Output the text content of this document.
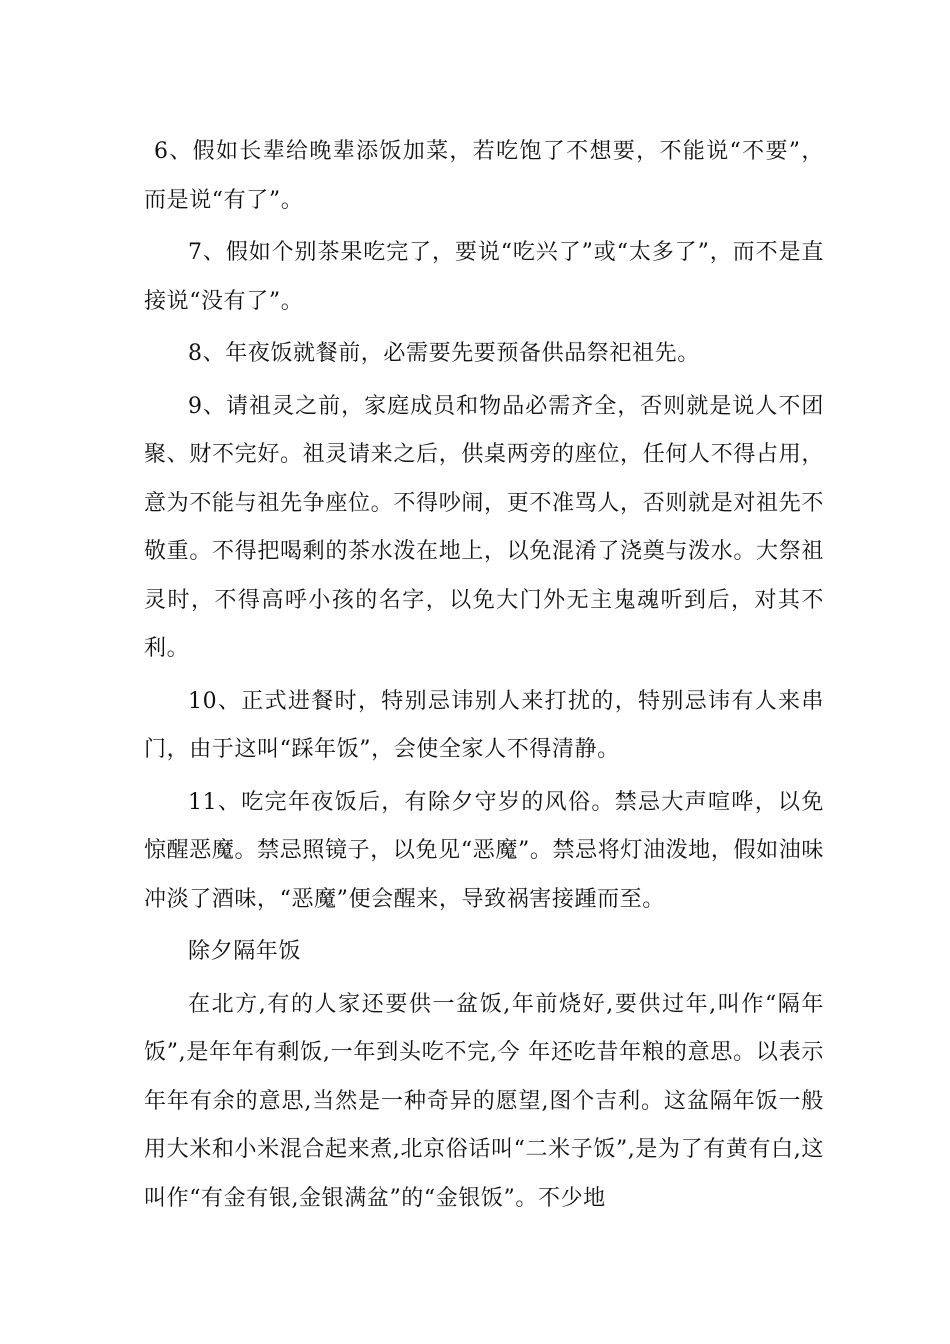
6、假如长辈给晚辈添饭加菜，若吃饱了不想要，不能说“不要”，而是说“有了”。

7、假如个别茶果吃完了，要说“吃兴了”或“太多了”，而不是直接说“没有了”。

8、年夜饭就餐前，必需要先要预备供品祭祀祖先。

9、请祖灵之前，家庭成员和物品必需齐全，否则就是说人不团聚、财不完好。祖灵请来之后，供桌两旁的座位，任何人不得占用，意为不能与祖先争座位。不得吵闹，更不准骂人，否则就是对祖先不敬重。不得把喝剩的茶水泼在地上，以免混淆了浇奠与泼水。大祭祖灵时，不得高呼小孩的名字，以免大门外无主鬼魂听到后，对其不利。

10、正式进餐时，特别忌讳别人来打扰的，特别忌讳有人来串门，由于这叫“踩年饭”，会使全家人不得清静。

11、吃完年夜饭后，有除夕守岁的风俗。禁忌大声喧哗，以免惊醒恶魔。禁忌照镜子，以免见“恶魔”。禁忌将灯油泼地，假如油味冲淡了酒味，“恶魔”便会醒来，导致祸害接踵而至。

除夕隔年饭

在北方,有的人家还要供一盆饭,年前烧好,要供过年,叫作“隔年饭”,是年年有剩饭,一年到头吃不完,今 年还吃昔年粮的意思。以表示年年有余的意思,当然是一种奇异的愿望,图个吉利。这盆隔年饭一般用大米和小米混合起来煮,北京俗话叫“二米子饭”,是为了有黄有白,这叫作“有金有银,金银满盆”的“金银饭”。不少地
